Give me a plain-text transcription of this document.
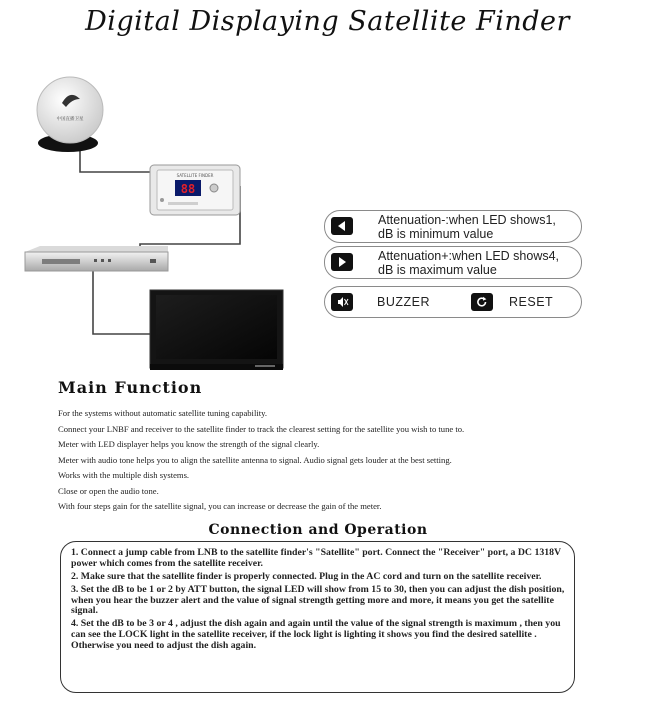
Digital Displaying Satellite Finder
中国直播卫星
SATELLITE FINDER
88
Attenuation-:when LED shows1,
dB is minimum value
Attenuation+:when LED shows4,
dB is maximum value
BUZZER	RESET
Main Function
For the systems without automatic satellite tuning capability.
Connect your LNBF and receiver to the satellite finder to track the clearest setting for the satellite you wish to tune to.
Meter with LED displayer helps you know the strength of the signal clearly.
Meter with audio tone helps you to align the satellite antenna to signal. Audio signal gets louder at the best setting.
Works with the multiple dish systems.
Close or open the audio tone.
With four steps gain for the satellite signal, you can increase or decrease the gain of the meter.
Connection and Operation
1. Connect a jump cable from LNB to the satellite finder's "Satellite" port. Connect the "Receiver" port, a DC 1318V power which comes from the satellite receiver.
2. Make sure that the satellite finder is properly connected. Plug in the AC cord and turn on the satellite receiver.
3. Set the dB to be 1 or 2 by ATT button, the signal LED will show from 15 to 30, then you can adjust the dish position, when you hear the buzzer alert and the value of signal strength getting more and more, it means you get the satellite signal.
4. Set the dB to be 3 or 4 , adjust the dish again and again until the value of the signal strength is maximum , then you can see the LOCK light in the satellite receiver, if the lock light is lighting it shows you find the desired satellite . Otherwise you need to adjust the dish again.
